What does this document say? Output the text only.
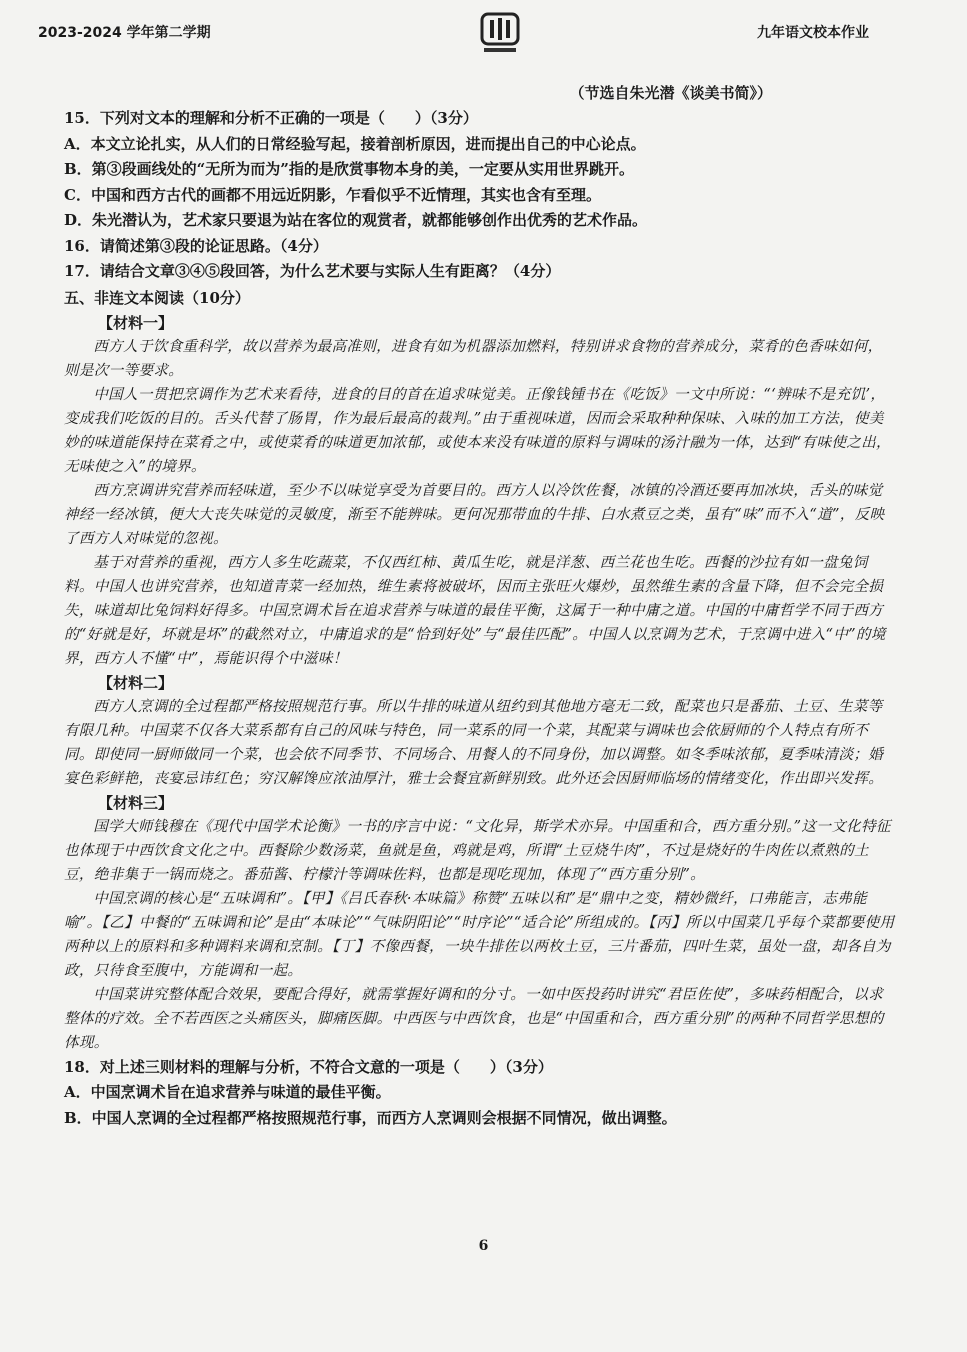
2023-2024 学年第二学期	九年语文校本作业
（节选自朱光潜《谈美书简》）

15．下列对文本的理解和分析不正确的一项是（　　）（3分）

A．本文立论扎实，从人们的日常经验写起，接着剖析原因，进而提出自己的中心论点。

B．第③段画线处的“无所为而为”指的是欣赏事物本身的美，一定要从实用世界跳开。

C．中国和西方古代的画都不用远近阴影，乍看似乎不近情理，其实也含有至理。

D．朱光潜认为，艺术家只要退为站在客位的观赏者，就都能够创作出优秀的艺术作品。

16．请简述第③段的论证思路。（4分）

17．请结合文章③④⑤段回答，为什么艺术要与实际人生有距离？（4分）

五、非连文本阅读（10分）

【材料一】

西方人于饮食重科学，故以营养为最高准则，进食有如为机器添加燃料，特别讲求食物的营养成分，菜肴的色香味如何，则是次一等要求。

中国人一贯把烹调作为艺术来看待，进食的目的首在追求味觉美。正像钱锺书在《吃饭》一文中所说：“‘辨味不是充饥’，变成我们吃饭的目的。舌头代替了肠胃，作为最后最高的裁判。”由于重视味道，因而会采取种种保味、入味的加工方法，使美妙的味道能保持在菜肴之中，或使菜肴的味道更加浓郁，或使本来没有味道的原料与调味的汤汁融为一体，达到“有味使之出，无味使之入”的境界。

西方烹调讲究营养而轻味道，至少不以味觉享受为首要目的。西方人以冷饮佐餐，冰镇的冷酒还要再加冰块，舌头的味觉神经一经冰镇，便大大丧失味觉的灵敏度，渐至不能辨味。更何况那带血的牛排、白水煮豆之类，虽有“味”而不入“道”，反映了西方人对味觉的忽视。

基于对营养的重视，西方人多生吃蔬菜，不仅西红柿、黄瓜生吃，就是洋葱、西兰花也生吃。西餐的沙拉有如一盘兔饲料。中国人也讲究营养，也知道青菜一经加热，维生素将被破坏，因而主张旺火爆炒，虽然维生素的含量下降，但不会完全损失，味道却比兔饲料好得多。中国烹调术旨在追求营养与味道的最佳平衡，这属于一种中庸之道。中国的中庸哲学不同于西方的“好就是好，坏就是坏”的截然对立，中庸追求的是“恰到好处”与“最佳匹配”。中国人以烹调为艺术，于烹调中进入“中”的境界，西方人不懂“中”，焉能识得个中滋味！

【材料二】

西方人烹调的全过程都严格按照规范行事。所以牛排的味道从纽约到其他地方毫无二致，配菜也只是番茄、土豆、生菜等有限几种。中国菜不仅各大菜系都有自己的风味与特色，同一菜系的同一个菜，其配菜与调味也会依厨师的个人特点有所不同。即使同一厨师做同一个菜，也会依不同季节、不同场合、用餐人的不同身份，加以调整。如冬季味浓郁，夏季味清淡；婚宴色彩鲜艳，丧宴忌讳红色；穷汉解馋应浓油厚汁，雅士会餐宜新鲜别致。此外还会因厨师临场的情绪变化，作出即兴发挥。

【材料三】

国学大师钱穆在《现代中国学术论衡》一书的序言中说：“文化异，斯学术亦异。中国重和合，西方重分别。”这一文化特征也体现于中西饮食文化之中。西餐除少数汤菜，鱼就是鱼，鸡就是鸡，所谓“土豆烧牛肉”，不过是烧好的牛肉佐以煮熟的土豆，绝非集于一锅而烧之。番茄酱、柠檬汁等调味佐料，也都是现吃现加，体现了“西方重分别”。

中国烹调的核心是“五味调和”。【甲】《吕氏春秋·本味篇》称赞“五味以和”是“鼎中之变，精妙微纤，口弗能言，志弗能喻”。【乙】中餐的“五味调和论”是由“本味论”“气味阴阳论”“时序论”“适合论”所组成的。【丙】所以中国菜几乎每个菜都要使用两种以上的原料和多种调料来调和烹制。【丁】不像西餐，一块牛排佐以两枚土豆，三片番茄，四叶生菜，虽处一盘，却各自为政，只待食至腹中，方能调和一起。

中国菜讲究整体配合效果，要配合得好，就需掌握好调和的分寸。一如中医投药时讲究“君臣佐使”，多味药相配合，以求整体的疗效。全不若西医之头痛医头，脚痛医脚。中西医与中西饮食，也是“中国重和合，西方重分别”的两种不同哲学思想的体现。

18．对上述三则材料的理解与分析，不符合文意的一项是（　　）（3分）

A．中国烹调术旨在追求营养与味道的最佳平衡。

B．中国人烹调的全过程都严格按照规范行事，而西方人烹调则会根据不同情况，做出调整。

6
